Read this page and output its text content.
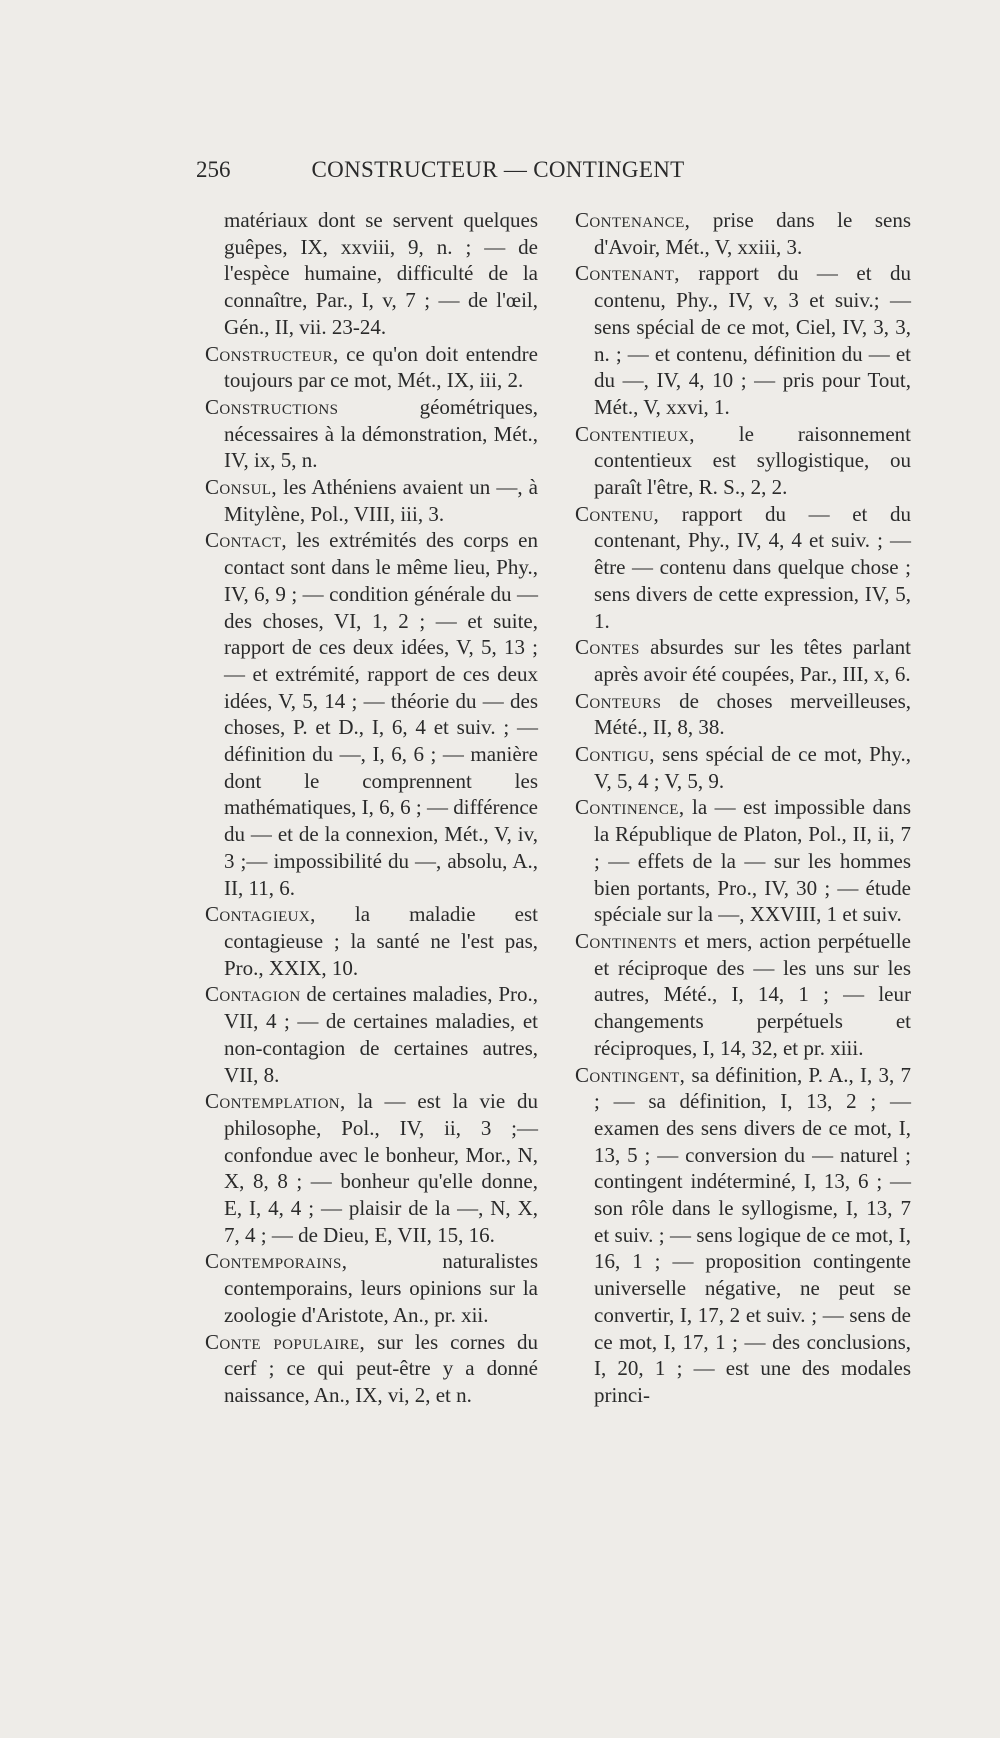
256	CONSTRUCTEUR — CONTINGENT

matériaux dont se servent quelques guêpes, IX, xxviii, 9, n. ; — de l'espèce humaine, difficulté de la connaître, Par., I, v, 7 ; — de l'œil, Gén., II, vii. 23-24.

Constructeur, ce qu'on doit entendre toujours par ce mot, Mét., IX, iii, 2.

Constructions géométriques, nécessaires à la démonstration, Mét., IV, ix, 5, n.

Consul, les Athéniens avaient un —, à Mitylène, Pol., VIII, iii, 3.

Contact, les extrémités des corps en contact sont dans le même lieu, Phy., IV, 6, 9 ; — condition générale du — des choses, VI, 1, 2 ; — et suite, rapport de ces deux idées, V, 5, 13 ; — et extrémité, rapport de ces deux idées, V, 5, 14 ; — théorie du — des choses, P. et D., I, 6, 4 et suiv. ; — définition du —, I, 6, 6 ; — manière dont le comprennent les mathématiques, I, 6, 6 ; — différence du — et de la connexion, Mét., V, iv, 3 ;— impossibilité du —, absolu, A., II, 11, 6.

Contagieux, la maladie est contagieuse ; la santé ne l'est pas, Pro., XXIX, 10.

Contagion de certaines maladies, Pro., VII, 4 ; — de certaines maladies, et non-contagion de certaines autres, VII, 8.

Contemplation, la — est la vie du philosophe, Pol., IV, ii, 3 ;— confondue avec le bonheur, Mor., N, X, 8, 8 ; — bonheur qu'elle donne, E, I, 4, 4 ; — plaisir de la —, N, X, 7, 4 ; — de Dieu, E, VII, 15, 16.

Contemporains, naturalistes contemporains, leurs opinions sur la zoologie d'Aristote, An., pr. xii.

Conte populaire, sur les cornes du cerf ; ce qui peut-être y a donné naissance, An., IX, vi, 2, et n.

Contenance, prise dans le sens d'Avoir, Mét., V, xxiii, 3.

Contenant, rapport du — et du contenu, Phy., IV, v, 3 et suiv.; — sens spécial de ce mot, Ciel, IV, 3, 3, n. ; — et contenu, définition du — et du —, IV, 4, 10 ; — pris pour Tout, Mét., V, xxvi, 1.

Contentieux, le raisonnement contentieux est syllogistique, ou paraît l'être, R. S., 2, 2.

Contenu, rapport du — et du contenant, Phy., IV, 4, 4 et suiv. ; — être — contenu dans quelque chose ; sens divers de cette expression, IV, 5, 1.

Contes absurdes sur les têtes parlant après avoir été coupées, Par., III, x, 6.

Conteurs de choses merveilleuses, Mété., II, 8, 38.

Contigu, sens spécial de ce mot, Phy., V, 5, 4 ; V, 5, 9.

Continence, la — est impossible dans la République de Platon, Pol., II, ii, 7 ; — effets de la — sur les hommes bien portants, Pro., IV, 30 ; — étude spéciale sur la —, XXVIII, 1 et suiv.

Continents et mers, action perpétuelle et réciproque des — les uns sur les autres, Mété., I, 14, 1 ; — leur changements perpétuels et réciproques, I, 14, 32, et pr. xiii.

Contingent, sa définition, P. A., I, 3, 7 ; — sa définition, I, 13, 2 ; — examen des sens divers de ce mot, I, 13, 5 ; — conversion du — naturel ; contingent indéterminé, I, 13, 6 ; — son rôle dans le syllogisme, I, 13, 7 et suiv. ; — sens logique de ce mot, I, 16, 1 ; — proposition contingente universelle négative, ne peut se convertir, I, 17, 2 et suiv. ; — sens de ce mot, I, 17, 1 ; — des conclusions, I, 20, 1 ; — est une des modales princi-
